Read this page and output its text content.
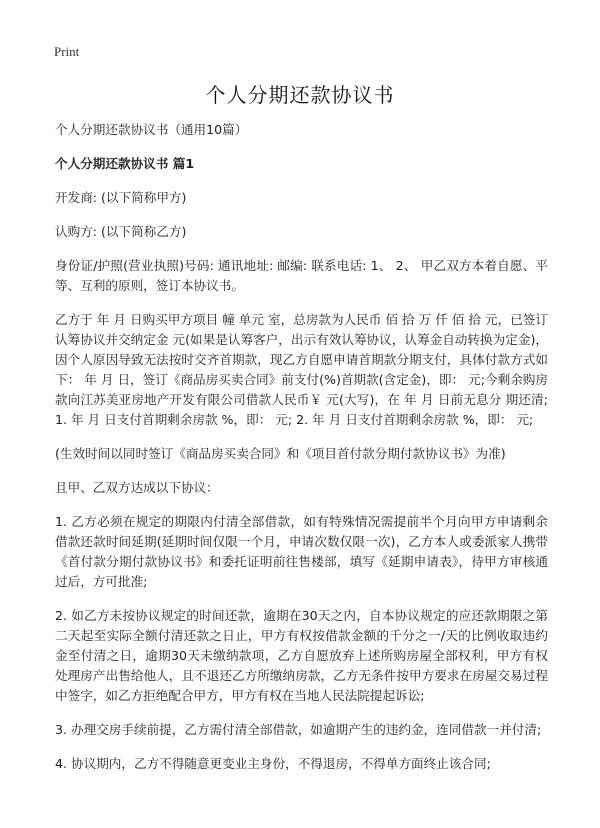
Print
个人分期还款协议书

个人分期还款协议书（通用10篇）

个人分期还款协议书 篇1

开发商: (以下简称甲方)

认购方: (以下简称乙方)

身份证/护照(营业执照)号码: 通讯地址: 邮编: 联系电话: 1、 2、 甲乙双方本着自愿、平等、互利的原则，签订本协议书。

乙方于 年 月 日购买甲方项目 幢 单元 室，总房款为人民币 佰 拾 万 仟 佰 拾 元，已签订认筹协议并交纳定金 元(如果是认筹客户，出示有效认筹协议，认筹金自动转换为定金)，因个人原因导致无法按时交齐首期款，现乙方自愿申请首期款分期支付，具体付款方式如下： 年 月 日，签订《商品房买卖合同》前支付(%)首期款(含定金)，即： 元;今剩余购房款向江苏美亚房地产开发有限公司借款人民币￥ 元(大写)，在 年 月 日前无息分 期还清; 1. 年 月 日支付首期剩余房款 %，即： 元; 2. 年 月 日支付首期剩余房款 %，即： 元;

(生效时间以同时签订《商品房买卖合同》和《项目首付款分期付款协议书》为准)

且甲、乙双方达成以下协议：

1. 乙方必须在规定的期限内付清全部借款，如有特殊情况需提前半个月向甲方申请剩余借款还款时间延期(延期时间仅限一个月，申请次数仅限一次)，乙方本人或委派家人携带《首付款分期付款协议书》和委托证明前往售楼部，填写《延期申请表》，待甲方审核通过后，方可批准;

2. 如乙方未按协议规定的时间还款，逾期在30天之内，自本协议规定的应还款期限之第二天起至实际全额付清还款之日止，甲方有权按借款金额的千分之一/天的比例收取违约金至付清之日，逾期30天未缴纳款项，乙方自愿放弃上述所购房屋全部权利，甲方有权处理房产出售给他人，且不退还乙方所缴纳房款，乙方无条件按甲方要求在房屋交易过程中签字，如乙方拒绝配合甲方，甲方有权在当地人民法院提起诉讼;

3. 办理交房手续前提，乙方需付清全部借款，如逾期产生的违约金，连同借款一并付清;

4. 协议期内，乙方不得随意更变业主身份，不得退房，不得单方面终止该合同;
